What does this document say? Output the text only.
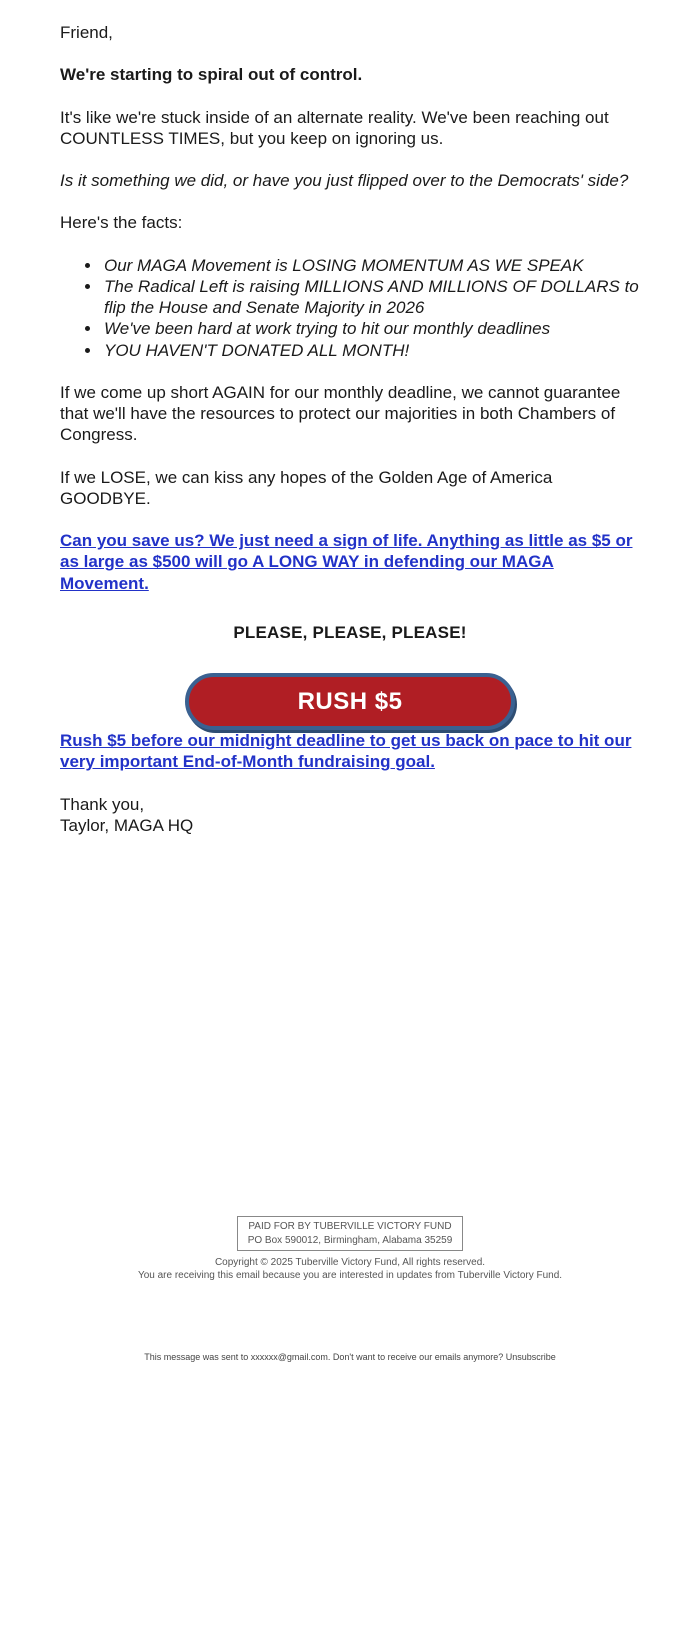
Friend,

We're starting to spiral out of control.

It's like we're stuck inside of an alternate reality. We've been reaching out COUNTLESS TIMES, but you keep on ignoring us.

Is it something we did, or have you just flipped over to the Democrats' side?

Here's the facts:

• Our MAGA Movement is LOSING MOMENTUM AS WE SPEAK
• The Radical Left is raising MILLIONS AND MILLIONS OF DOLLARS to flip the House and Senate Majority in 2026
• We've been hard at work trying to hit our monthly deadlines
• YOU HAVEN'T DONATED ALL MONTH!

If we come up short AGAIN for our monthly deadline, we cannot guarantee that we'll have the resources to protect our majorities in both Chambers of Congress.

If we LOSE, we can kiss any hopes of the Golden Age of America GOODBYE.

Can you save us? We just need a sign of life. Anything as little as $5 or as large as $500 will go A LONG WAY in defending our MAGA Movement.
PLEASE, PLEASE, PLEASE!
RUSH $5
Rush $5 before our midnight deadline to get us back on pace to hit our very important End-of-Month fundraising goal.
Thank you,
Taylor, MAGA HQ
PAID FOR BY TUBERVILLE VICTORY FUND
PO Box 590012, Birmingham, Alabama 35259

Copyright © 2025 Tuberville Victory Fund, All rights reserved.

You are receiving this email because you are interested in updates from Tuberville Victory Fund.

This message was sent to xxxxxx@gmail.com. Don't want to receive our emails anymore? Unsubscribe
